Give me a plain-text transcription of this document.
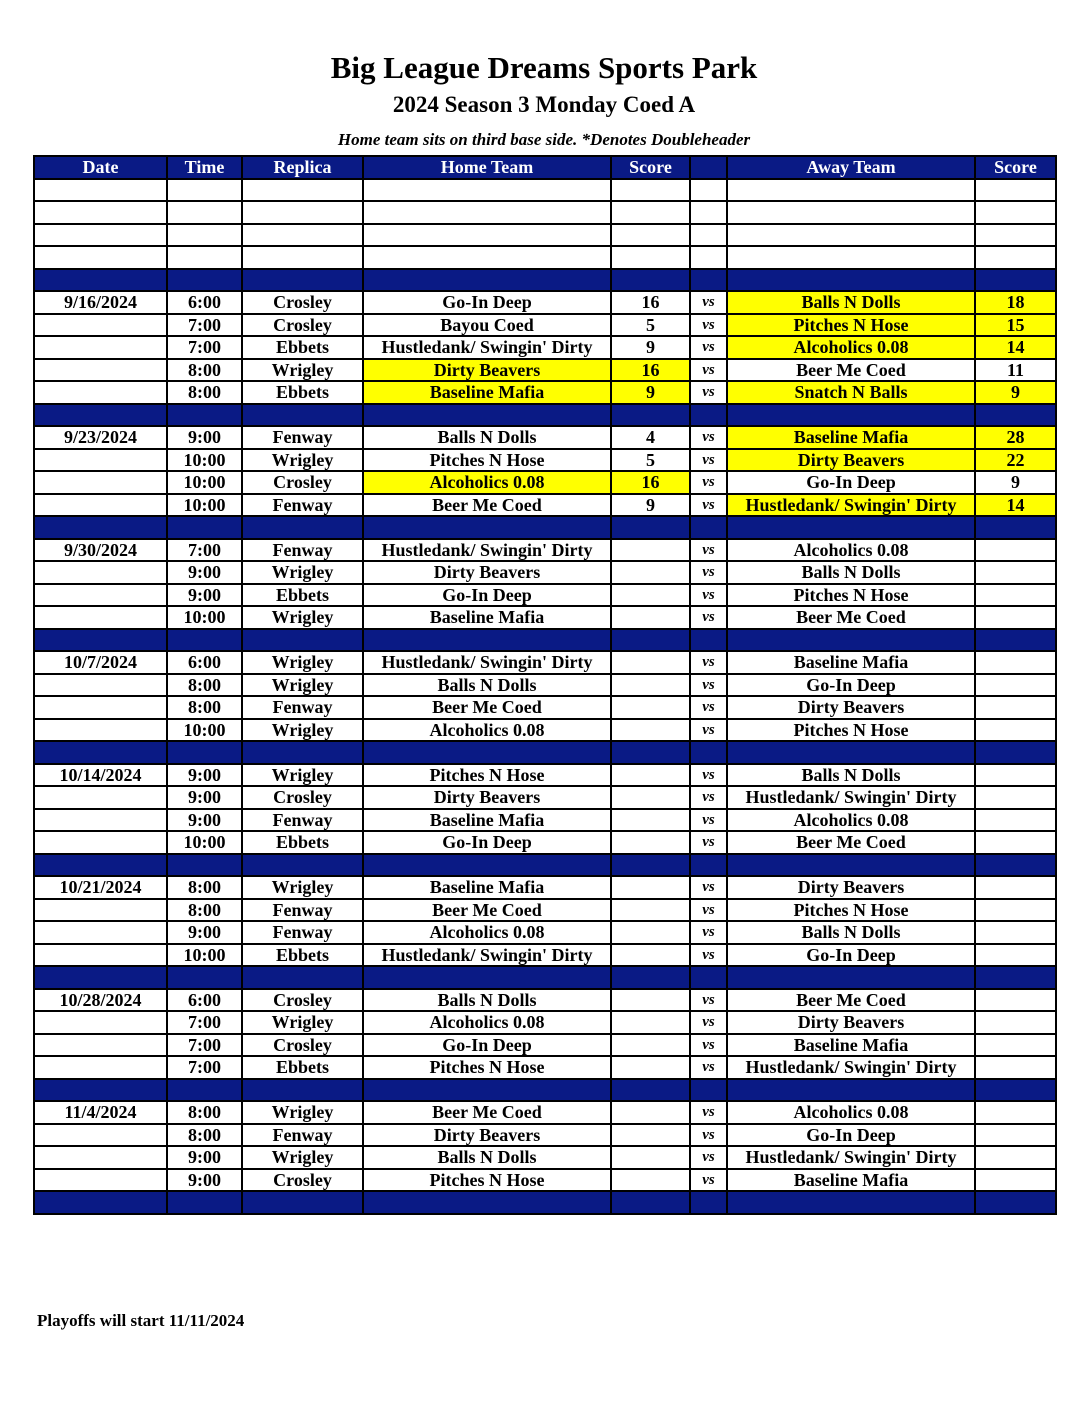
Big League Dreams Sports Park
2024 Season 3 Monday Coed A
Home team sits on third base side. *Denotes Doubleheader
Date	Time	Replica	Home Team	Score		Away Team	Score

9/16/2024	6:00	Crosley	Go-In Deep	16	vs	Balls N Dolls	18
	7:00	Crosley	Bayou Coed	5	vs	Pitches N Hose	15
	7:00	Ebbets	Hustledank/ Swingin' Dirty	9	vs	Alcoholics 0.08	14
	8:00	Wrigley	Dirty Beavers	16	vs	Beer Me Coed	11
	8:00	Ebbets	Baseline Mafia	9	vs	Snatch N Balls	9

9/23/2024	9:00	Fenway	Balls N Dolls	4	vs	Baseline Mafia	28
	10:00	Wrigley	Pitches N Hose	5	vs	Dirty Beavers	22
	10:00	Crosley	Alcoholics 0.08	16	vs	Go-In Deep	9
	10:00	Fenway	Beer Me Coed	9	vs	Hustledank/ Swingin' Dirty	14

9/30/2024	7:00	Fenway	Hustledank/ Swingin' Dirty		vs	Alcoholics 0.08	
	9:00	Wrigley	Dirty Beavers		vs	Balls N Dolls	
	9:00	Ebbets	Go-In Deep		vs	Pitches N Hose	
	10:00	Wrigley	Baseline Mafia		vs	Beer Me Coed	

10/7/2024	6:00	Wrigley	Hustledank/ Swingin' Dirty		vs	Baseline Mafia	
	8:00	Wrigley	Balls N Dolls		vs	Go-In Deep	
	8:00	Fenway	Beer Me Coed		vs	Dirty Beavers	
	10:00	Wrigley	Alcoholics 0.08		vs	Pitches N Hose	

10/14/2024	9:00	Wrigley	Pitches N Hose		vs	Balls N Dolls	
	9:00	Crosley	Dirty Beavers		vs	Hustledank/ Swingin' Dirty	
	9:00	Fenway	Baseline Mafia		vs	Alcoholics 0.08	
	10:00	Ebbets	Go-In Deep		vs	Beer Me Coed	

10/21/2024	8:00	Wrigley	Baseline Mafia		vs	Dirty Beavers	
	8:00	Fenway	Beer Me Coed		vs	Pitches N Hose	
	9:00	Fenway	Alcoholics 0.08		vs	Balls N Dolls	
	10:00	Ebbets	Hustledank/ Swingin' Dirty		vs	Go-In Deep	

10/28/2024	6:00	Crosley	Balls N Dolls		vs	Beer Me Coed	
	7:00	Wrigley	Alcoholics 0.08		vs	Dirty Beavers	
	7:00	Crosley	Go-In Deep		vs	Baseline Mafia	
	7:00	Ebbets	Pitches N Hose		vs	Hustledank/ Swingin' Dirty	

11/4/2024	8:00	Wrigley	Beer Me Coed		vs	Alcoholics 0.08	
	8:00	Fenway	Dirty Beavers		vs	Go-In Deep	
	9:00	Wrigley	Balls N Dolls		vs	Hustledank/ Swingin' Dirty	
	9:00	Crosley	Pitches N Hose		vs	Baseline Mafia	

Playoffs will start 11/11/2024
